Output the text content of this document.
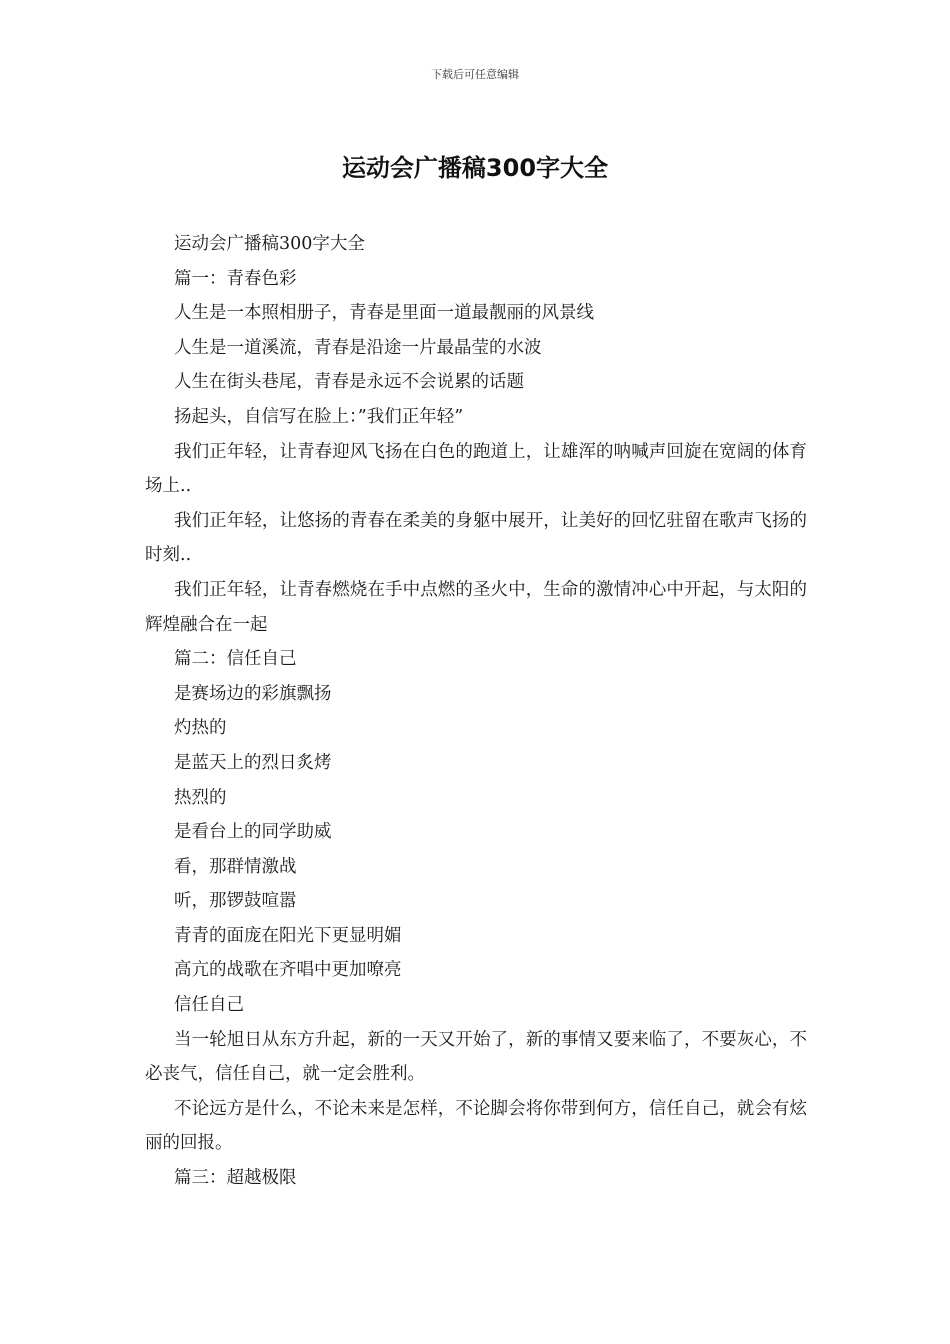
下载后可任意编辑
运动会广播稿300字大全

运动会广播稿300字大全

篇一：青春色彩

人生是一本照相册子，青春是里面一道最靓丽的风景线

人生是一道溪流，青春是沿途一片最晶莹的水波

人生在街头巷尾，青春是永远不会说累的话题

扬起头，自信写在脸上：”我们正年轻”

我们正年轻，让青春迎风飞扬在白色的跑道上，让雄浑的呐喊声回旋在宽阔的体育场上..

我们正年轻，让悠扬的青春在柔美的身躯中展开，让美好的回忆驻留在歌声飞扬的时刻..

我们正年轻，让青春燃烧在手中点燃的圣火中，生命的激情冲心中开起，与太阳的辉煌融合在一起

篇二：信任自己

是赛场边的彩旗飘扬

灼热的

是蓝天上的烈日炙烤

热烈的

是看台上的同学助威

看，那群情激战

听，那锣鼓喧嚣

青青的面庞在阳光下更显明媚

高亢的战歌在齐唱中更加嘹亮

信任自己

当一轮旭日从东方升起，新的一天又开始了，新的事情又要来临了，不要灰心，不必丧气，信任自己，就一定会胜利。

不论远方是什么，不论未来是怎样，不论脚会将你带到何方，信任自己，就会有炫丽的回报。

篇三：超越极限
